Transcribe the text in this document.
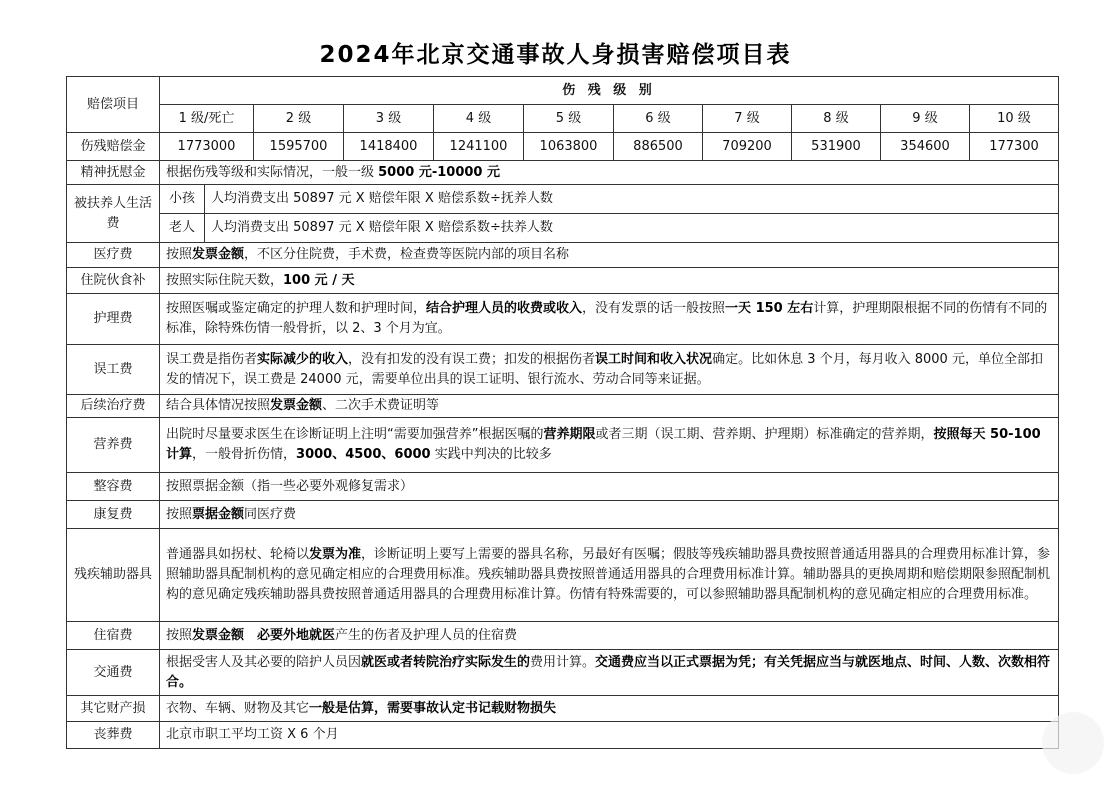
2024年北京交通事故人身损害赔偿项目表
赔偿项目	伤 残 级 别										
	1 级/死亡		2 级	3 级	4 级	5 级	6 级	7 级	8 级	9 级	10 级
伤残赔偿金	1773000		1595700	1418400	1241100	1063800	886500	709200	531900	354600	177300
精神抚慰金	根据伤残等级和实际情况，一般一级 5000 元-10000 元										
被扶养人生活费	小孩	人均消费支出 50897 元 X 赔偿年限 X 赔偿系数÷抚养人数									
	老人	人均消费支出 50897 元 X 赔偿年限 X 赔偿系数÷扶养人数									
医疗费	按照发票金额，不区分住院费，手术费，检查费等医院内部的项目名称										
住院伙食补	按照实际住院天数，100 元 / 天										
护理费	按照医嘱或鉴定确定的护理人数和护理时间，结合护理人员的收费或收入，没有发票的话一般按照一天 150 左右计算，护理期限根据不同的伤情有不同的标准，除特殊伤情一般骨折，以 2、3 个月为宜。										
误工费	误工费是指伤者实际减少的收入，没有扣发的没有误工费；扣发的根据伤者误工时间和收入状况确定。比如休息 3 个月，每月收入 8000 元，单位全部扣发的情况下，误工费是 24000 元，需要单位出具的误工证明、银行流水、劳动合同等来证据。										
后续治疗费	结合具体情况按照发票金额、二次手术费证明等										
营养费	出院时尽量要求医生在诊断证明上注明“需要加强营养”根据医嘱的营养期限或者三期（误工期、营养期、护理期）标准确定的营养期，按照每天 50-100 计算，一般骨折伤情，3000、4500、6000 实践中判决的比较多										
整容费	按照票据金额（指一些必要外观修复需求）										
康复费	按照票据金额同医疗费										
残疾辅助器具	普通器具如拐杖、轮椅以发票为准，诊断证明上要写上需要的器具名称，另最好有医嘱；假肢等残疾辅助器具费按照普通适用器具的合理费用标准计算，参照辅助器具配制机构的意见确定相应的合理费用标准。残疾辅助器具费按照普通适用器具的合理费用标准计算。辅助器具的更换周期和赔偿期限参照配制机构的意见确定残疾辅助器具费按照普通适用器具的合理费用标准计算。伤情有特殊需要的，可以参照辅助器具配制机构的意见确定相应的合理费用标准。										
住宿费	按照发票金额　必要外地就医产生的伤者及护理人员的住宿费										
交通费	根据受害人及其必要的陪护人员因就医或者转院治疗实际发生的费用计算。交通费应当以正式票据为凭；有关凭据应当与就医地点、时间、人数、次数相符合。										
其它财产损	衣物、车辆、财物及其它一般是估算，需要事故认定书记载财物损失										
丧葬费	北京市职工平均工资 X 6 个月										
